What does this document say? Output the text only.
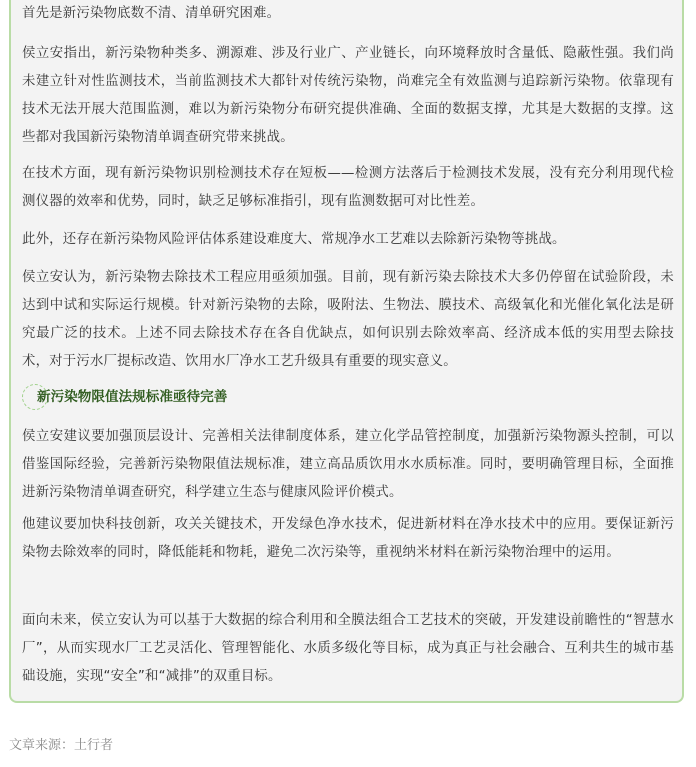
首先是新污染物底数不清、清单研究困难。

侯立安指出，新污染物种类多、溯源难、涉及行业广、产业链长，向环境释放时含量低、隐蔽性强。我们尚未建立针对性监测技术，当前监测技术大都针对传统污染物，尚难完全有效监测与追踪新污染物。依靠现有技术无法开展大范围监测，难以为新污染物分布研究提供准确、全面的数据支撑，尤其是大数据的支撑。这些都对我国新污染物清单调查研究带来挑战。

在技术方面，现有新污染物识别检测技术存在短板——检测方法落后于检测技术发展，没有充分利用现代检测仪器的效率和优势，同时，缺乏足够标准指引，现有监测数据可对比性差。

此外，还存在新污染物风险评估体系建设难度大、常规净水工艺难以去除新污染物等挑战。

侯立安认为，新污染物去除技术工程应用亟须加强。目前，现有新污染去除技术大多仍停留在试验阶段，未达到中试和实际运行规模。针对新污染物的去除，吸附法、生物法、膜技术、高级氧化和光催化氧化法是研究最广泛的技术。上述不同去除技术存在各自优缺点，如何识别去除效率高、经济成本低的实用型去除技术，对于污水厂提标改造、饮用水厂净水工艺升级具有重要的现实意义。

新污染物限值法规标准亟待完善

侯立安建议要加强顶层设计、完善相关法律制度体系，建立化学品管控制度，加强新污染物源头控制，可以借鉴国际经验，完善新污染物限值法规标准，建立高品质饮用水水质标准。同时，要明确管理目标，全面推进新污染物清单调查研究，科学建立生态与健康风险评价模式。

他建议要加快科技创新，攻关关键技术，开发绿色净水技术，促进新材料在净水技术中的应用。要保证新污染物去除效率的同时，降低能耗和物耗，避免二次污染等，重视纳米材料在新污染物治理中的运用。

面向未来，侯立安认为可以基于大数据的综合利用和全膜法组合工艺技术的突破，开发建设前瞻性的“智慧水厂”，从而实现水厂工艺灵活化、管理智能化、水质多级化等目标，成为真正与社会融合、互利共生的城市基础设施，实现“安全”和“减排”的双重目标。

文章来源：土行者
